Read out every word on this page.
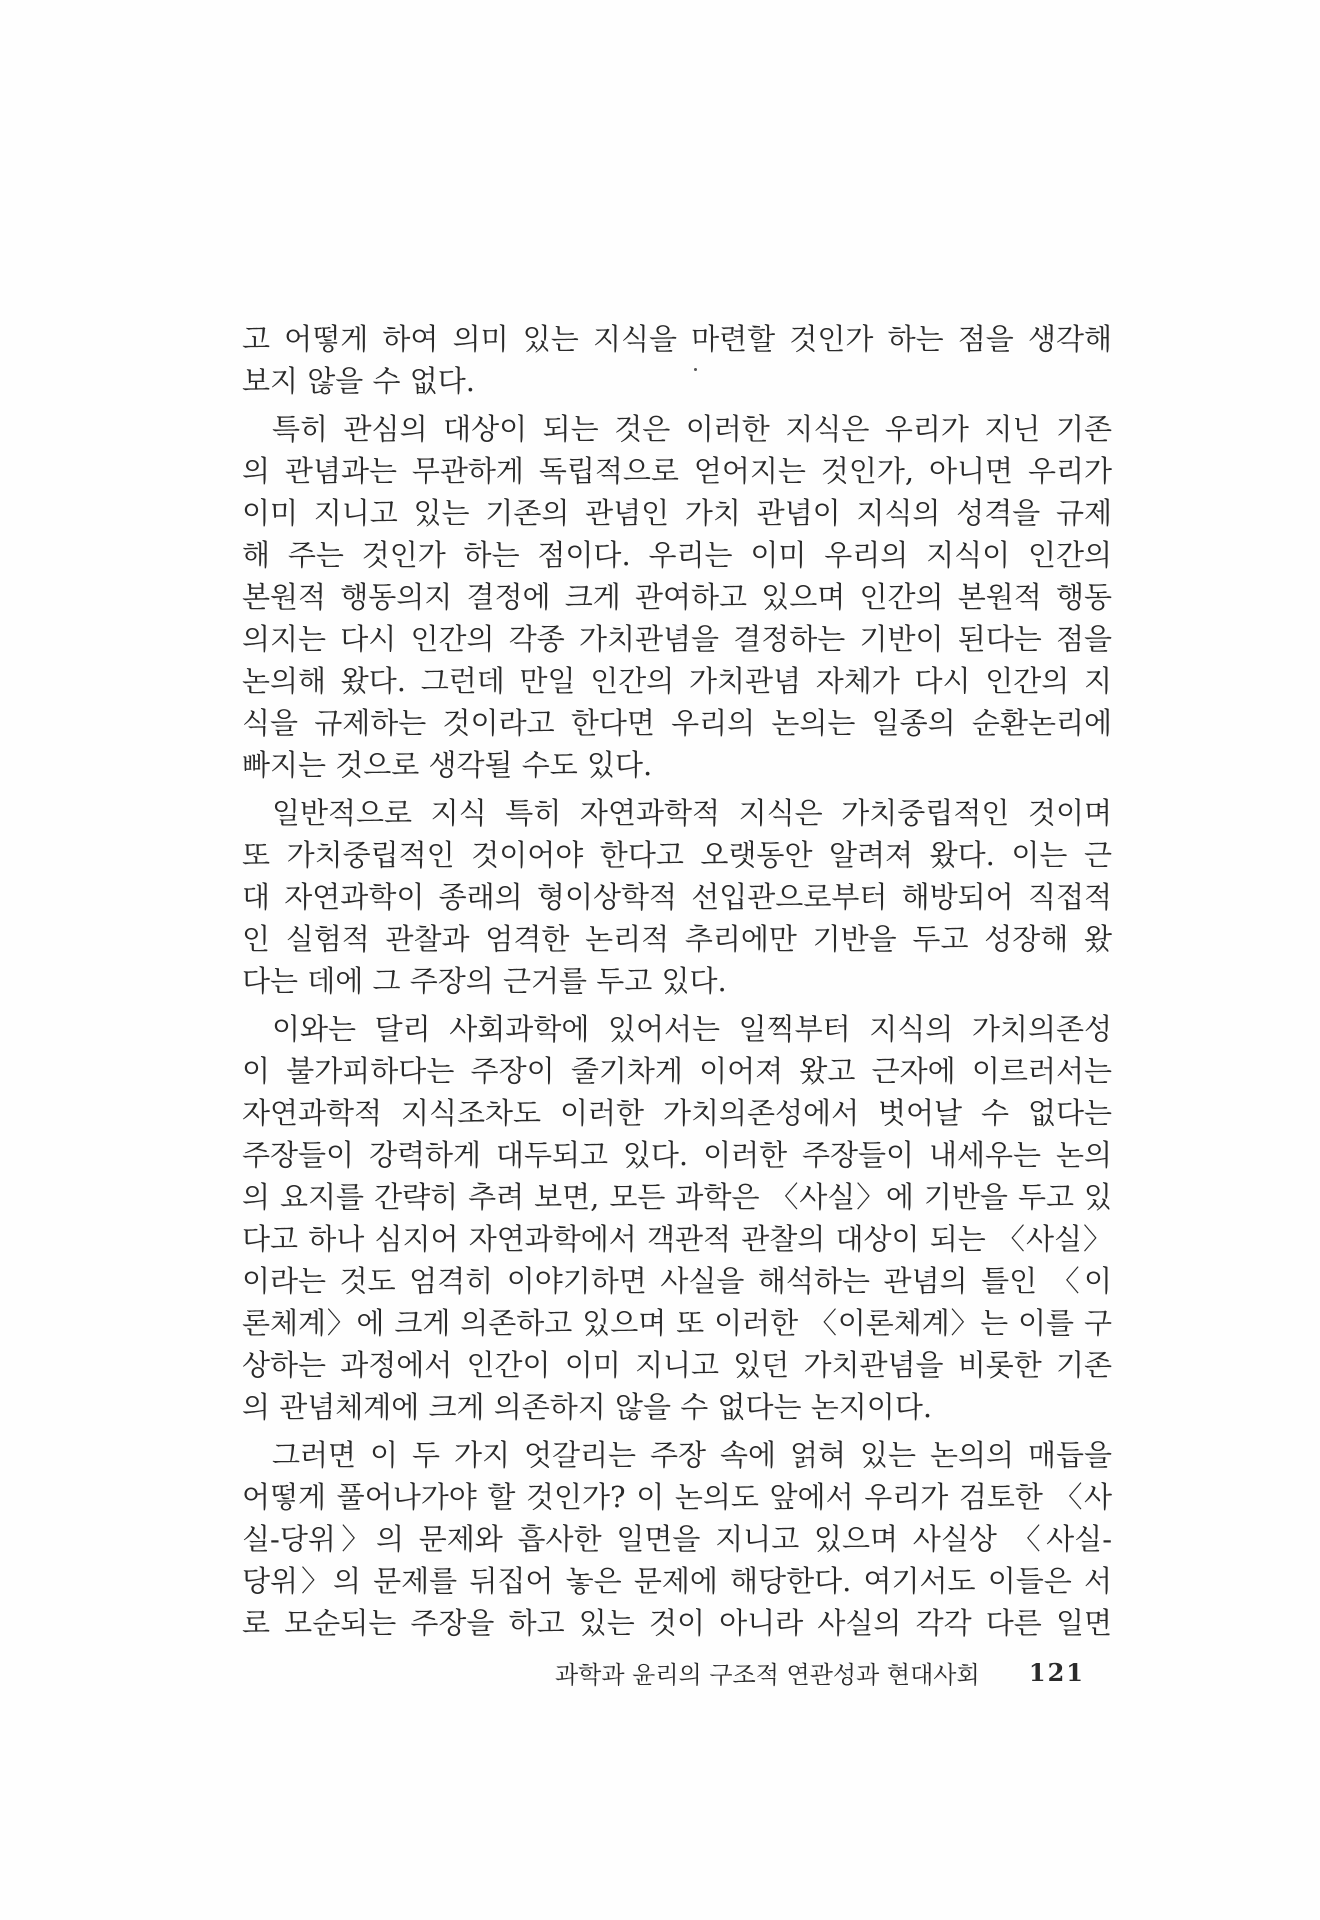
고 어떻게 하여 의미 있는 지식을 마련할 것인가 하는 점을 생각해
보지 않을 수 없다.
특히 관심의 대상이 되는 것은 이러한 지식은 우리가 지닌 기존
의 관념과는 무관하게 독립적으로 얻어지는 것인가, 아니면 우리가
이미 지니고 있는 기존의 관념인 가치 관념이 지식의 성격을 규제
해 주는 것인가 하는 점이다. 우리는 이미 우리의 지식이 인간의
본원적 행동의지 결정에 크게 관여하고 있으며 인간의 본원적 행동
의지는 다시 인간의 각종 가치관념을 결정하는 기반이 된다는 점을
논의해 왔다. 그런데 만일 인간의 가치관념 자체가 다시 인간의 지
식을 규제하는 것이라고 한다면 우리의 논의는 일종의 순환논리에
빠지는 것으로 생각될 수도 있다.
일반적으로 지식 특히 자연과학적 지식은 가치중립적인 것이며
또 가치중립적인 것이어야 한다고 오랫동안 알려져 왔다. 이는 근
대 자연과학이 종래의 형이상학적 선입관으로부터 해방되어 직접적
인 실험적 관찰과 엄격한 논리적 추리에만 기반을 두고 성장해 왔
다는 데에 그 주장의 근거를 두고 있다.
이와는 달리 사회과학에 있어서는 일찍부터 지식의 가치의존성
이 불가피하다는 주장이 줄기차게 이어져 왔고 근자에 이르러서는
자연과학적 지식조차도 이러한 가치의존성에서 벗어날 수 없다는
주장들이 강력하게 대두되고 있다. 이러한 주장들이 내세우는 논의
의 요지를 간략히 추려 보면, 모든 과학은 〈사실〉에 기반을 두고 있
다고 하나 심지어 자연과학에서 객관적 관찰의 대상이 되는 〈사실〉
이라는 것도 엄격히 이야기하면 사실을 해석하는 관념의 틀인 〈이
론체계〉에 크게 의존하고 있으며 또 이러한 〈이론체계〉는 이를 구
상하는 과정에서 인간이 이미 지니고 있던 가치관념을 비롯한 기존
의 관념체계에 크게 의존하지 않을 수 없다는 논지이다.
그러면 이 두 가지 엇갈리는 주장 속에 얽혀 있는 논의의 매듭을
어떻게 풀어나가야 할 것인가? 이 논의도 앞에서 우리가 검토한 〈사
실-당위〉의 문제와 흡사한 일면을 지니고 있으며 사실상 〈사실-
당위〉의 문제를 뒤집어 놓은 문제에 해당한다. 여기서도 이들은 서
로 모순되는 주장을 하고 있는 것이 아니라 사실의 각각 다른 일면
과학과 윤리의 구조적 연관성과 현대사회 121
